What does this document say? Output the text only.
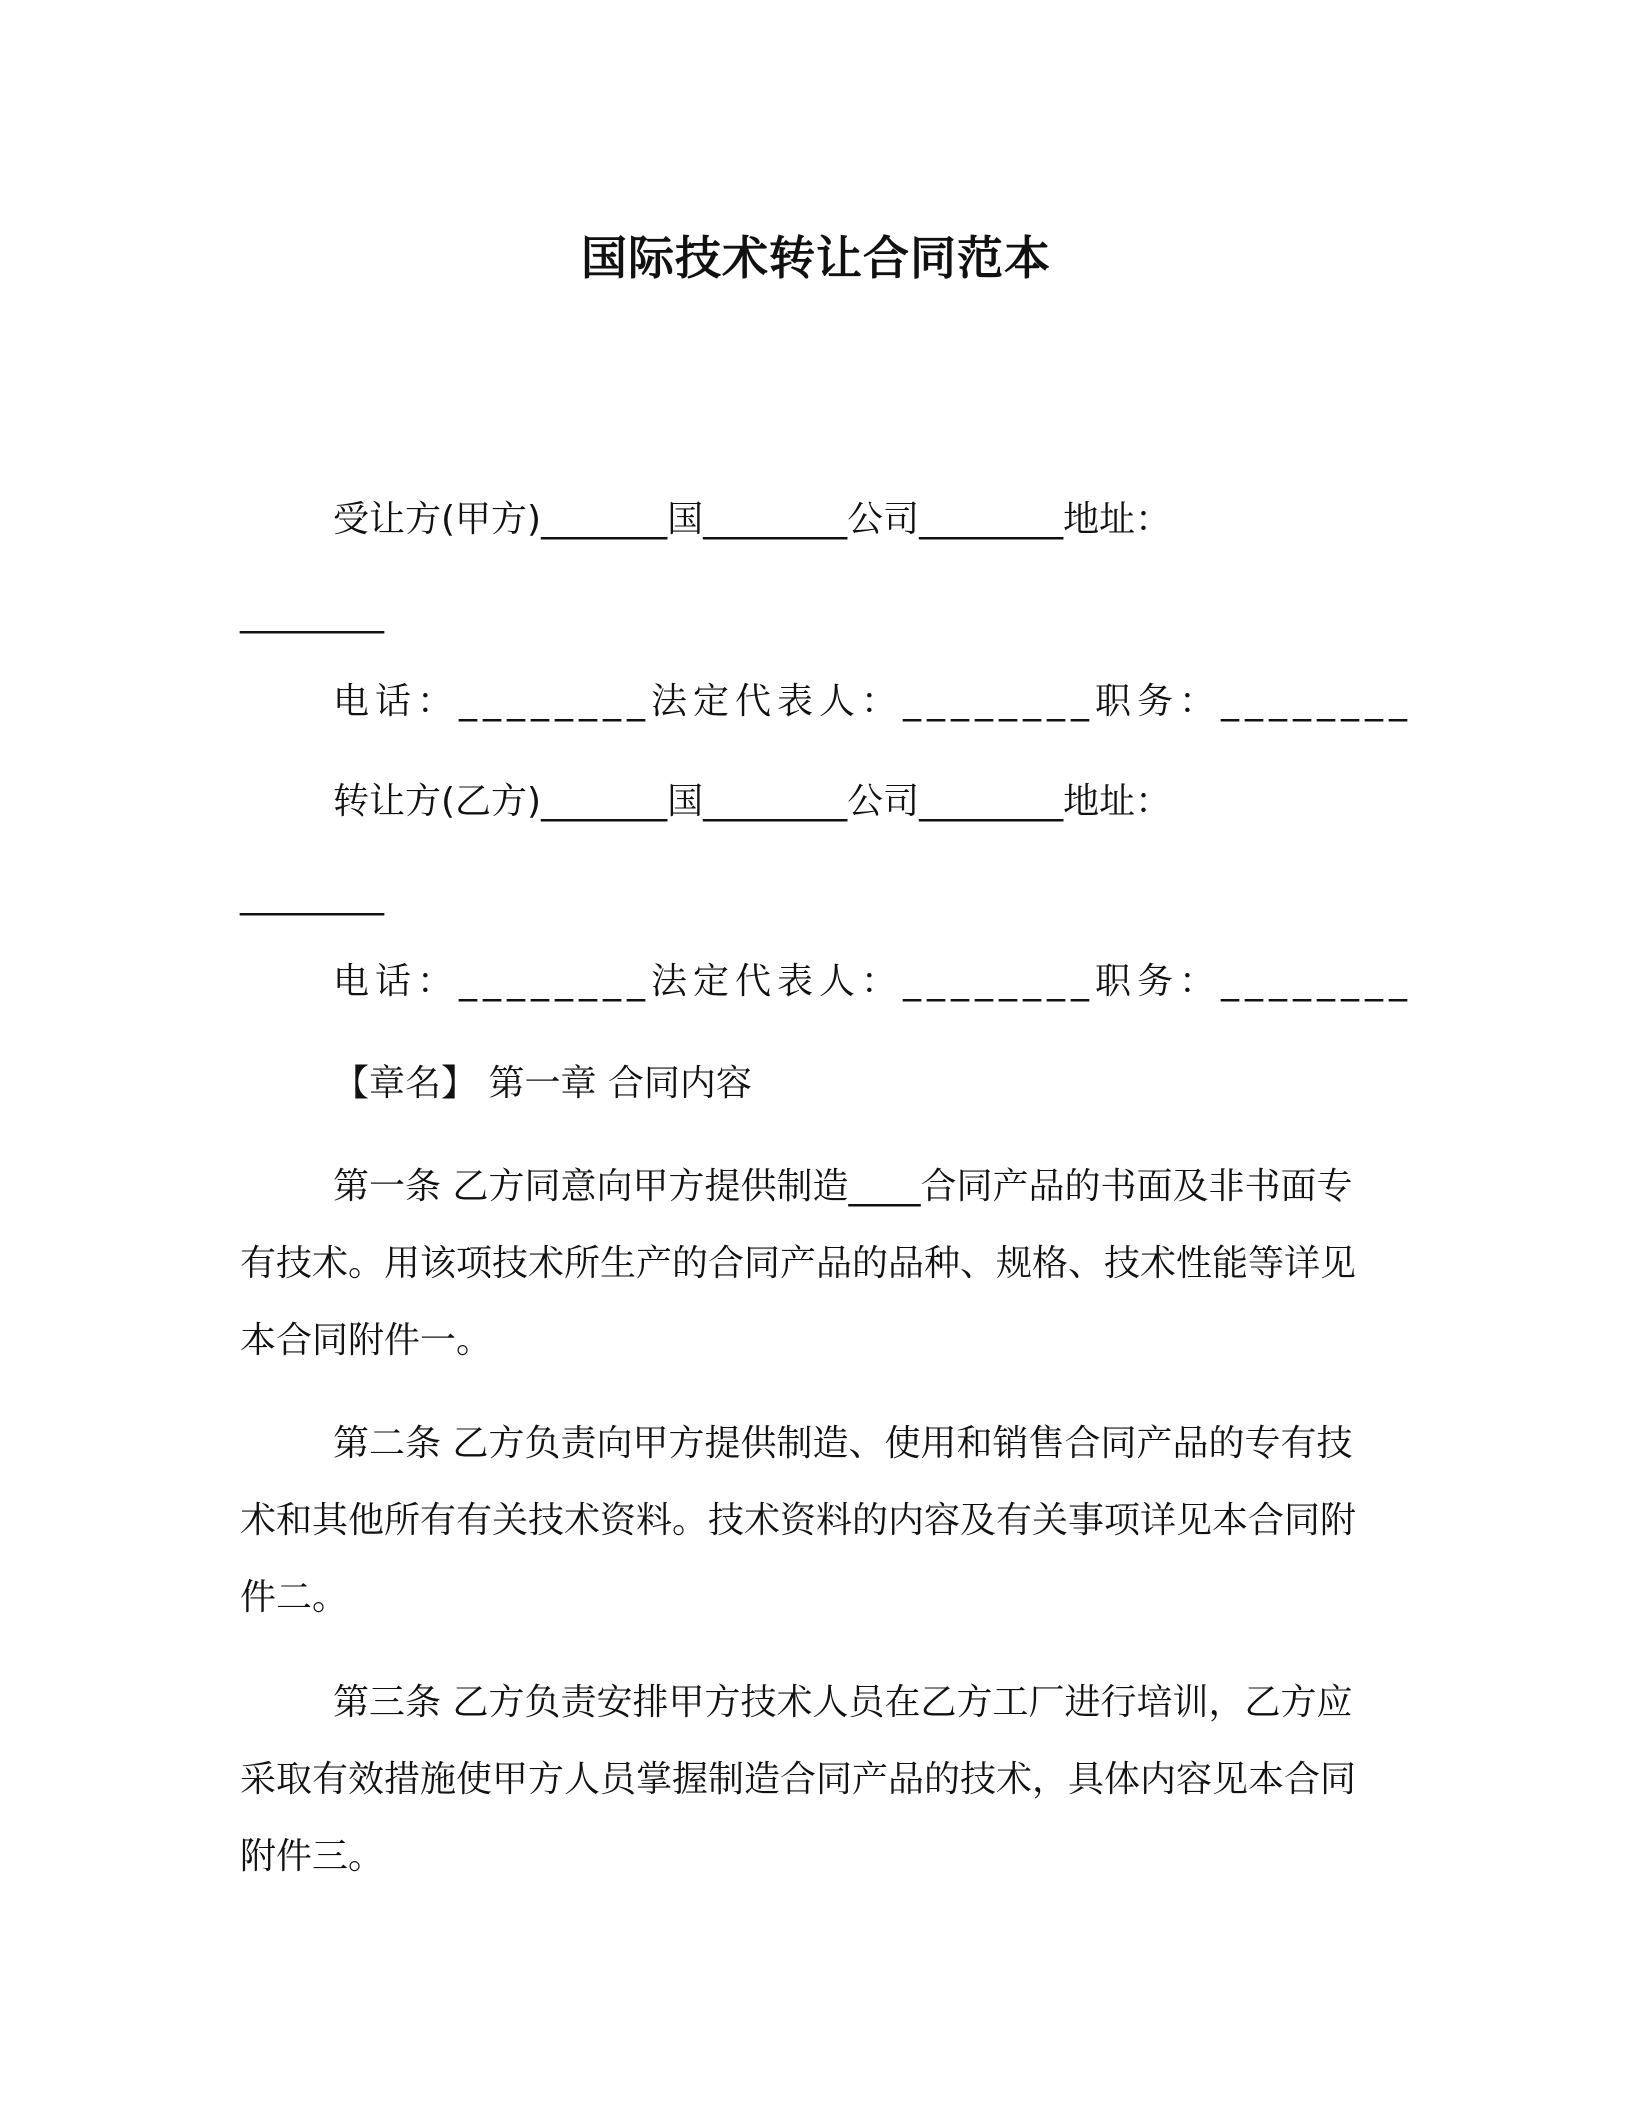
国际技术转让合同范本
受让方(甲方)_______国________公司________地址：
________
电话：________法定代表人：________职务：________
转让方(乙方)_______国________公司________地址：
________
电话：________法定代表人：________职务：________
【章名】 第一章 合同内容

第一条 乙方同意向甲方提供制造____合同产品的书面及非书面专有技术。用该项技术所生产的合同产品的品种、规格、技术性能等详见本合同附件一。

第二条 乙方负责向甲方提供制造、使用和销售合同产品的专有技术和其他所有有关技术资料。技术资料的内容及有关事项详见本合同附件二。

第三条 乙方负责安排甲方技术人员在乙方工厂进行培训，乙方应采取有效措施使甲方人员掌握制造合同产品的技术，具体内容见本合同附件三。
